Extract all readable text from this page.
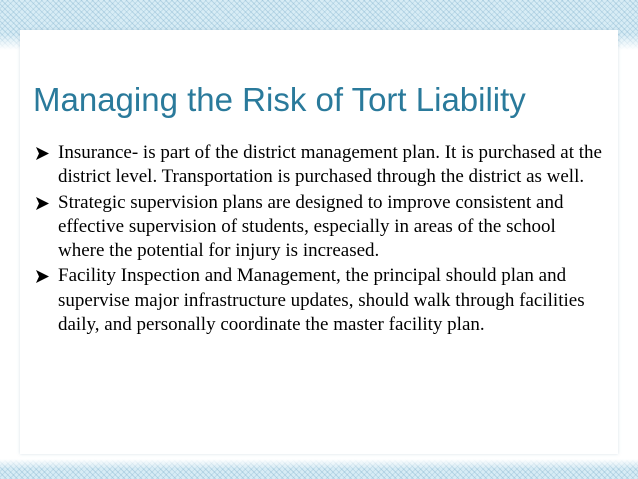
Managing the Risk of Tort Liability
Insurance- is part of the district management plan. It is purchased at the district level. Transportation is purchased through the district as well.
Strategic supervision plans are designed to improve consistent and effective supervision of students, especially in areas of the school where the potential for injury is increased.
Facility Inspection and Management, the principal should plan and supervise major infrastructure updates, should walk through facilities daily, and personally coordinate the master facility plan.
